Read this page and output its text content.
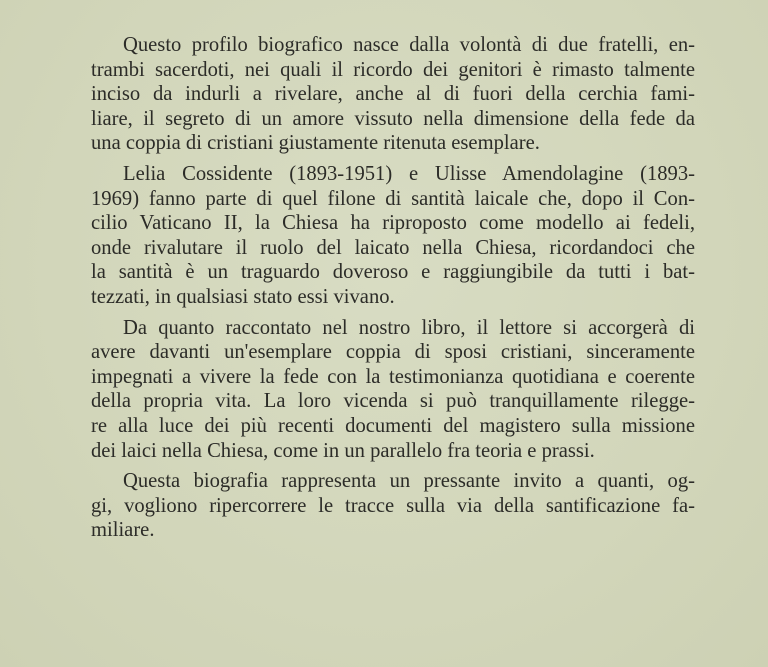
Questo profilo biografico nasce dalla volontà di due fratelli, en-
trambi sacerdoti, nei quali il ricordo dei genitori è rimasto talmente
inciso da indurli a rivelare, anche al di fuori della cerchia fami-
liare, il segreto di un amore vissuto nella dimensione della fede da
una coppia di cristiani giustamente ritenuta esemplare.
Lelia Cossidente (1893-1951) e Ulisse Amendolagine (1893-
1969) fanno parte di quel filone di santità laicale che, dopo il Con-
cilio Vaticano II, la Chiesa ha riproposto come modello ai fedeli,
onde rivalutare il ruolo del laicato nella Chiesa, ricordandoci che
la santità è un traguardo doveroso e raggiungibile da tutti i bat-
tezzati, in qualsiasi stato essi vivano.
Da quanto raccontato nel nostro libro, il lettore si accorgerà di
avere davanti un'esemplare coppia di sposi cristiani, sinceramente
impegnati a vivere la fede con la testimonianza quotidiana e coerente
della propria vita. La loro vicenda si può tranquillamente rilegge-
re alla luce dei più recenti documenti del magistero sulla missione
dei laici nella Chiesa, come in un parallelo fra teoria e prassi.
Questa biografia rappresenta un pressante invito a quanti, og-
gi, vogliono ripercorrere le tracce sulla via della santificazione fa-
miliare.
